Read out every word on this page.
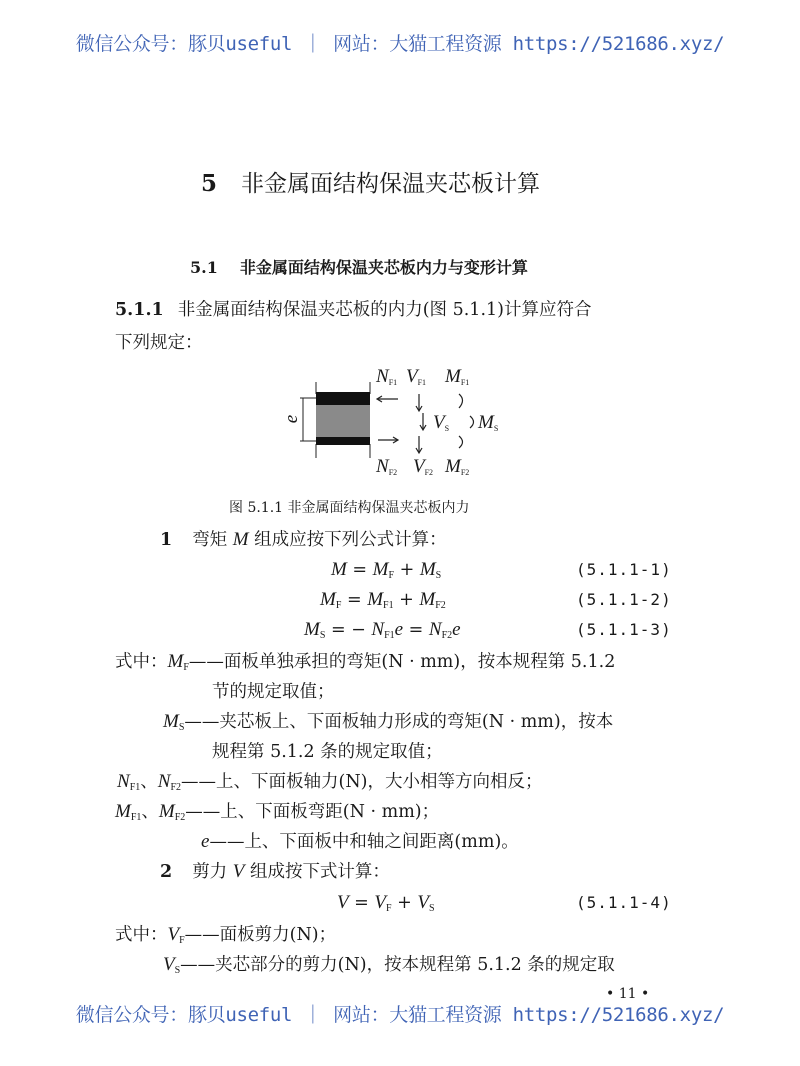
微信公众号：豚贝useful ｜ 网站：大猫工程资源 https://521686.xyz/
5 非金属面结构保温夹芯板计算
5.1 非金属面结构保温夹芯板内力与变形计算
5.1.1 非金属面结构保温夹芯板的内力(图 5.1.1)计算应符合
下列规定：
e
$N_{F1}$ $V_{F1}$ $M_{F1}$
$V_S$ $M_S$
$N_{F2}$ $V_{F2}$ $M_{F2}$
图 5.1.1 非金属面结构保温夹芯板内力
1 弯矩 M 组成应按下列公式计算：
M = MF + MS	(5.1.1-1)
MF = MF1 + MF2	(5.1.1-2)
MS = − NF1e = NF2e	(5.1.1-3)
式中：MF——面板单独承担的弯矩(N · mm)，按本规程第 5.1.2
节的规定取值；
MS——夹芯板上、下面板轴力形成的弯矩(N · mm)，按本
规程第 5.1.2 条的规定取值；
NF1、NF2——上、下面板轴力(N)，大小相等方向相反；
MF1、MF2——上、下面板弯距(N · mm)；
e——上、下面板中和轴之间距离(mm)。
2 剪力 V 组成按下式计算：
V = VF + VS	(5.1.1-4)
式中：VF——面板剪力(N)；
VS——夹芯部分的剪力(N)，按本规程第 5.1.2 条的规定取
• 11 •
微信公众号：豚贝useful ｜ 网站：大猫工程资源 https://521686.xyz/
